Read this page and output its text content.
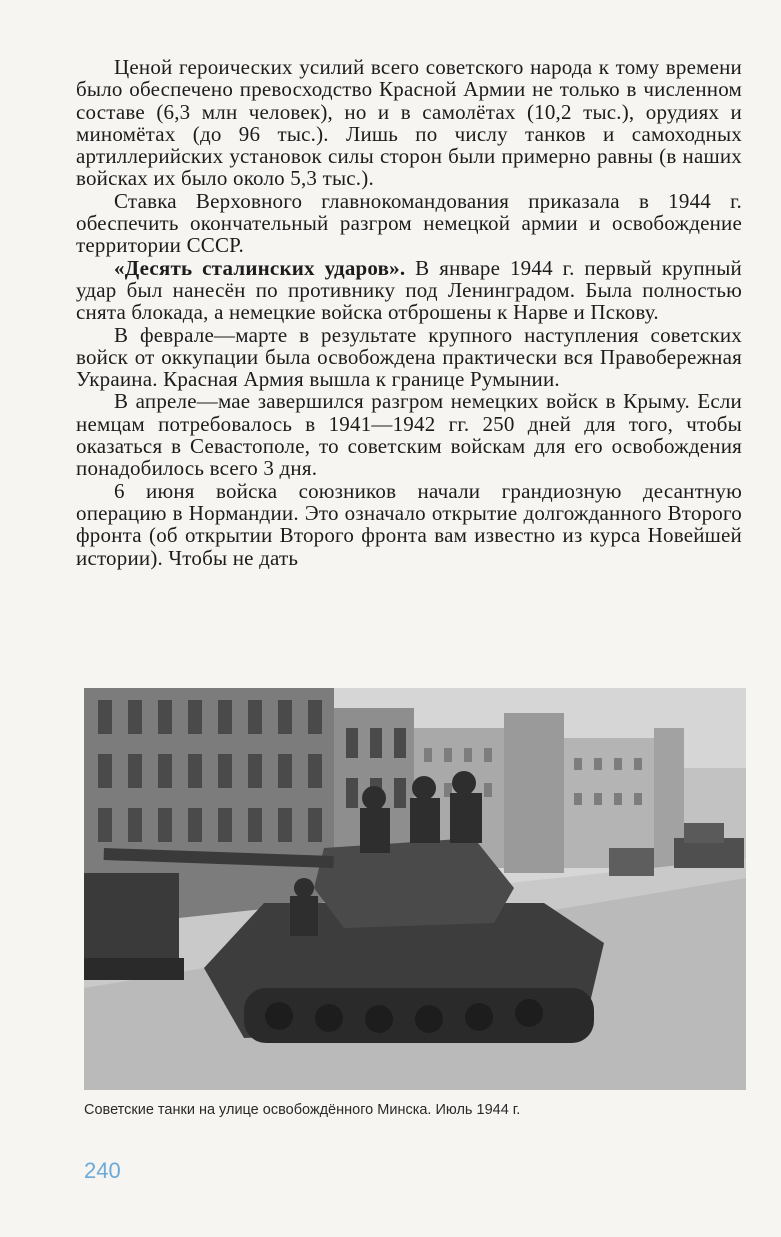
Ценой героических усилий всего советского народа к тому времени было обеспечено превосходство Красной Армии не только в численном составе (6,3 млн человек), но и в самолётах (10,2 тыс.), орудиях и миномётах (до 96 тыс.). Лишь по числу танков и самоходных артиллерийских установок силы сторон были примерно равны (в наших войсках их было около 5,3 тыс.).

Ставка Верховного главнокомандования приказала в 1944 г. обеспечить окончательный разгром немецкой армии и освобождение территории СССР.

«Десять сталинских ударов». В январе 1944 г. первый крупный удар был нанесён по противнику под Ленинградом. Была полностью снята блокада, а немецкие войска отброшены к Нарве и Пскову.

В феврале—марте в результате крупного наступления советских войск от оккупации была освобождена практически вся Правобережная Украина. Красная Армия вышла к границе Румынии.

В апреле—мае завершился разгром немецких войск в Крыму. Если немцам потребовалось в 1941—1942 гг. 250 дней для того, чтобы оказаться в Севастополе, то советским войскам для его освобождения понадобилось всего 3 дня.

6 июня войска союзников начали грандиозную десантную операцию в Нормандии. Это означало открытие долгожданного Второго фронта (об открытии Второго фронта вам известно из курса Новейшей истории). Чтобы не дать

Советские танки на улице освобождённого Минска. Июль 1944 г.

240
